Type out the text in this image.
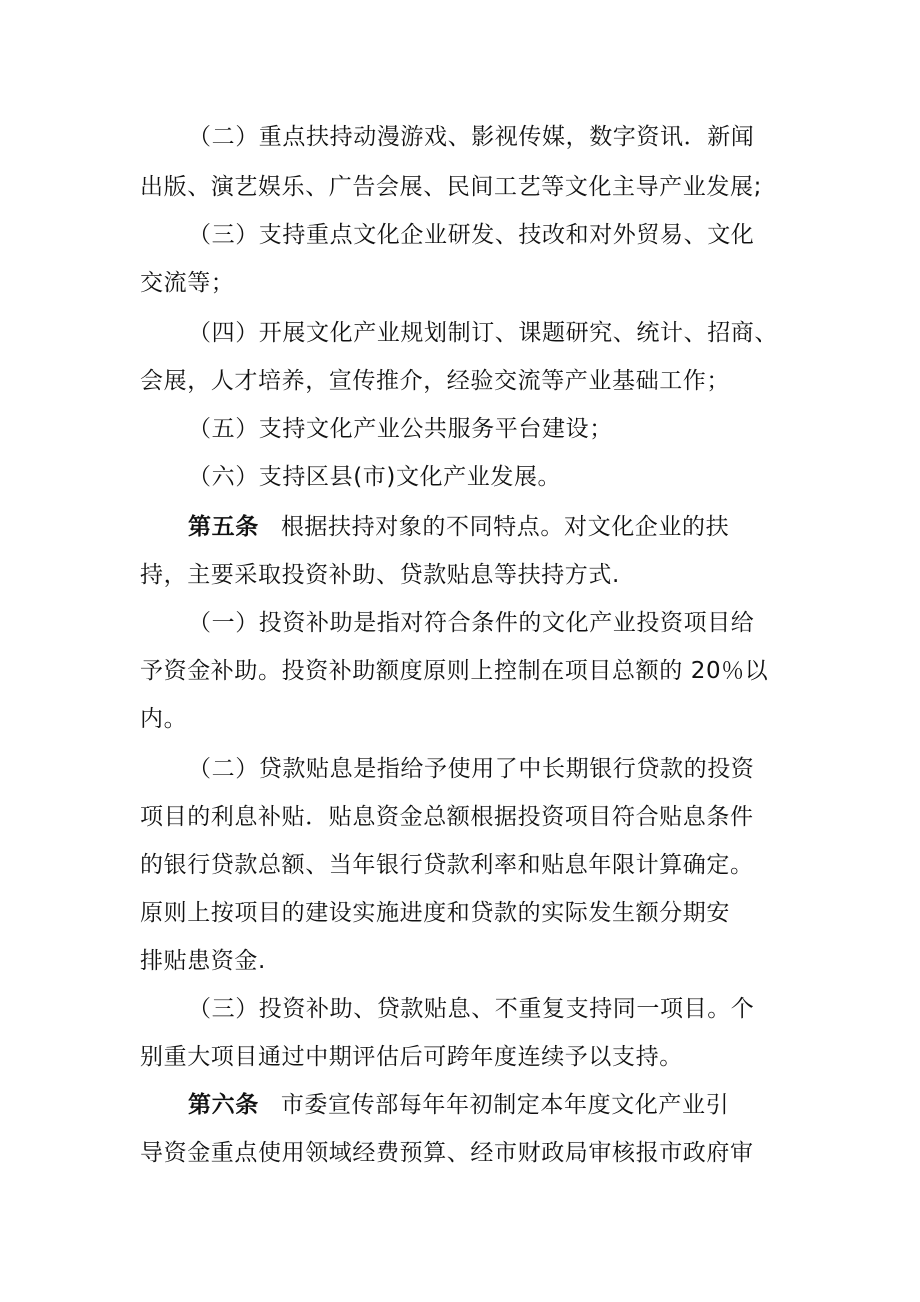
（二）重点扶持动漫游戏、影视传媒，数字资讯．新闻
出版、演艺娱乐、广告会展、民间工艺等文化主导产业发展;
（三）支持重点文化企业研发、技改和对外贸易、文化
交流等；
（四）开展文化产业规划制订、课题研究、统计、招商、
会展，人才培养，宣传推介，经验交流等产业基础工作；
（五）支持文化产业公共服务平台建设；
（六）支持区县(市)文化产业发展。
第五条 根据扶持对象的不同特点。对文化企业的扶
持，主要采取投资补助、贷款贴息等扶持方式.
（一）投资补助是指对符合条件的文化产业投资项目给
予资金补助。投资补助额度原则上控制在项目总额的 20％以
内。
（二）贷款贴息是指给予使用了中长期银行贷款的投资
项目的利息补贴．贴息资金总额根据投资项目符合贴息条件
的银行贷款总额、当年银行贷款利率和贴息年限计算确定。
原则上按项目的建设实施进度和贷款的实际发生额分期安
排贴患资金.
（三）投资补助、贷款贴息、不重复支持同一项目。个
别重大项目通过中期评估后可跨年度连续予以支持。
第六条 市委宣传部每年年初制定本年度文化产业引
导资金重点使用领域经费预算、经市财政局审核报市政府审
